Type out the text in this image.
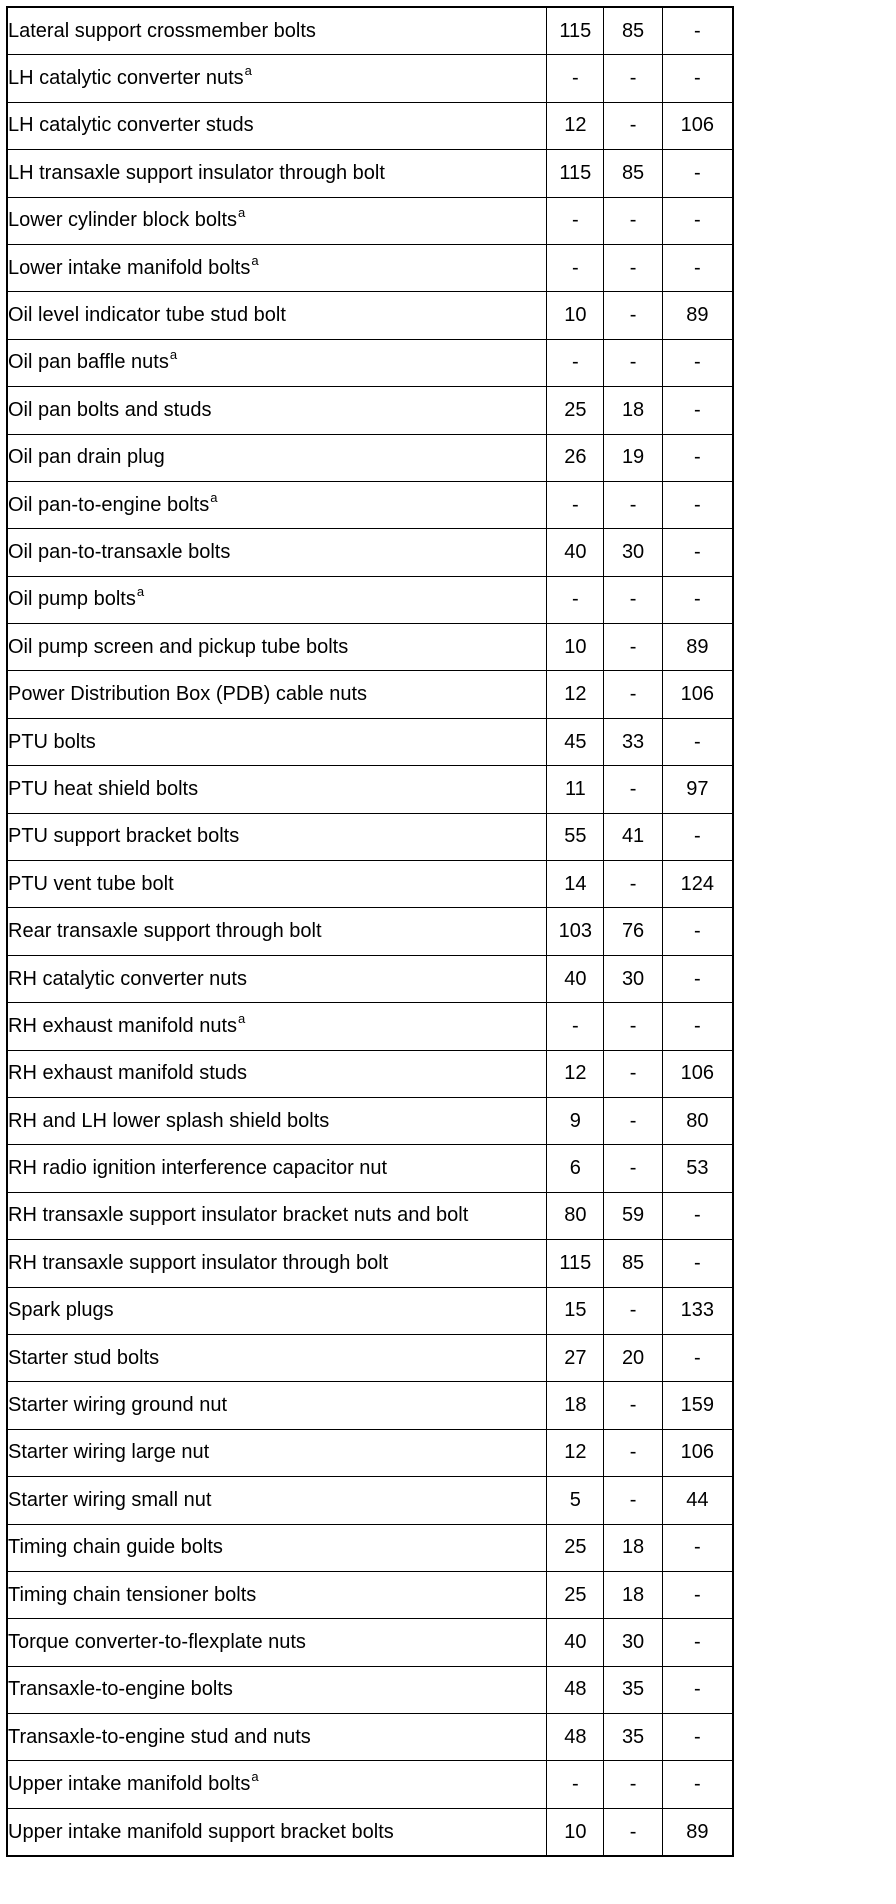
Lateral support crossmember bolts	115	85	-
LH catalytic converter nuts$^a$	-	-	-
LH catalytic converter studs	12	-	106
LH transaxle support insulator through bolt	115	85	-
Lower cylinder block bolts$^a$	-	-	-
Lower intake manifold bolts$^a$	-	-	-
Oil level indicator tube stud bolt	10	-	89
Oil pan baffle nuts$^a$	-	-	-
Oil pan bolts and studs	25	18	-
Oil pan drain plug	26	19	-
Oil pan-to-engine bolts$^a$	-	-	-
Oil pan-to-transaxle bolts	40	30	-
Oil pump bolts$^a$	-	-	-
Oil pump screen and pickup tube bolts	10	-	89
Power Distribution Box (PDB) cable nuts	12	-	106
PTU bolts	45	33	-
PTU heat shield bolts	11	-	97
PTU support bracket bolts	55	41	-
PTU vent tube bolt	14	-	124
Rear transaxle support through bolt	103	76	-
RH catalytic converter nuts	40	30	-
RH exhaust manifold nuts$^a$	-	-	-
RH exhaust manifold studs	12	-	106
RH and LH lower splash shield bolts	9	-	80
RH radio ignition interference capacitor nut	6	-	53
RH transaxle support insulator bracket nuts and bolt	80	59	-
RH transaxle support insulator through bolt	115	85	-
Spark plugs	15	-	133
Starter stud bolts	27	20	-
Starter wiring ground nut	18	-	159
Starter wiring large nut	12	-	106
Starter wiring small nut	5	-	44
Timing chain guide bolts	25	18	-
Timing chain tensioner bolts	25	18	-
Torque converter-to-flexplate nuts	40	30	-
Transaxle-to-engine bolts	48	35	-
Transaxle-to-engine stud and nuts	48	35	-
Upper intake manifold bolts$^a$	-	-	-
Upper intake manifold support bracket bolts	10	-	89
